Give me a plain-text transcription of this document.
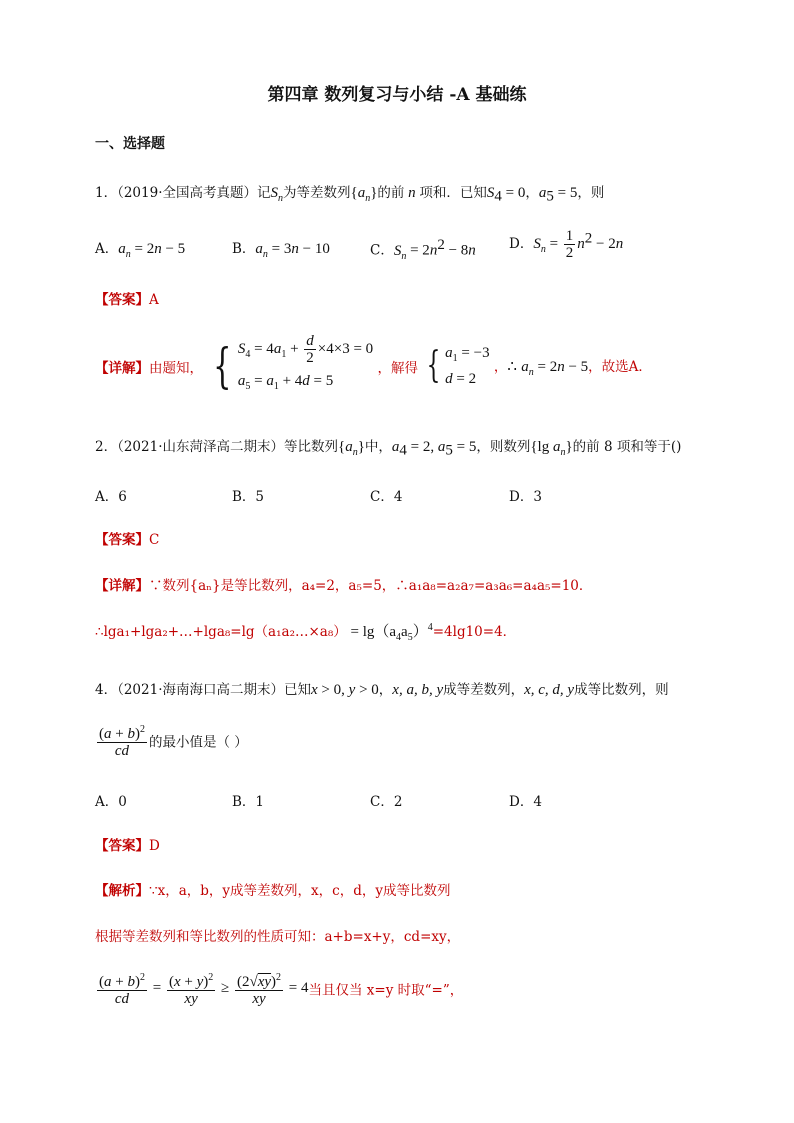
第四章 数列复习与小结 -A 基础练
一、选择题
1．（2019·全国高考真题）记$S_n$为等差数列$\{a_n\}$的前 n 项和．已知$S_4 = 0$，$a_5 = 5$，则
A．$a_n = 2n - 5$	B．$a_n = 3n - 10$	C．$S_n = 2n^2 - 8n$ D．$S_n = \frac{1}{2} n^2 - 2n$
【答案】A
【详解】由题知， { $S_4 = 4a_1 + \frac{d}{2} \times 4\times 3 = 0$
$a_5 = a_1 + 4d = 5$
，解得 { $a_1 = -3$
d = 2
，∴ $a_n = 2n - 5$，故选A．
2．（2021·山东菏泽高二期末）等比数列$\{a_n\}$中，$a_4 = 2$, $a_5 = 5$，则数列{lg $a_n$}的前 8 项和等于()
A．6	B．5	C．4	D．3
【答案】C
【详解】∵数列{aₙ}是等比数列，a₄=2，a₅=5，∴a₁a₈=a₂a₇=a₃a₆=a₄a₅=10．
∴lga₁+lga₂+…+lga₈=lg（a₁a₂…×a₈） = $\lg(a_4a_5)^4=4\lg 10=4$．
4．（2021·海南海口高二期末）已知x > 0, y > 0，x, a, b, y成等差数列，x, c, d, y成等比数列，则
$\frac{(a + b)^2}{cd}$ 的最小值是（ ）
A．0	B．1	C．2	D．4
【答案】D
【解析】∵x，a，b，y成等差数列，x，c，d，y成等比数列
根据等差数列和等比数列的性质可知：a+b=x+y，cd=xy，
$\frac{(a + b)^2}{cd} = \frac{(x + y)^2}{xy} \ge \frac{(2√xy)^2}{xy} = 4$当且仅当 x=y 时取“=”，
